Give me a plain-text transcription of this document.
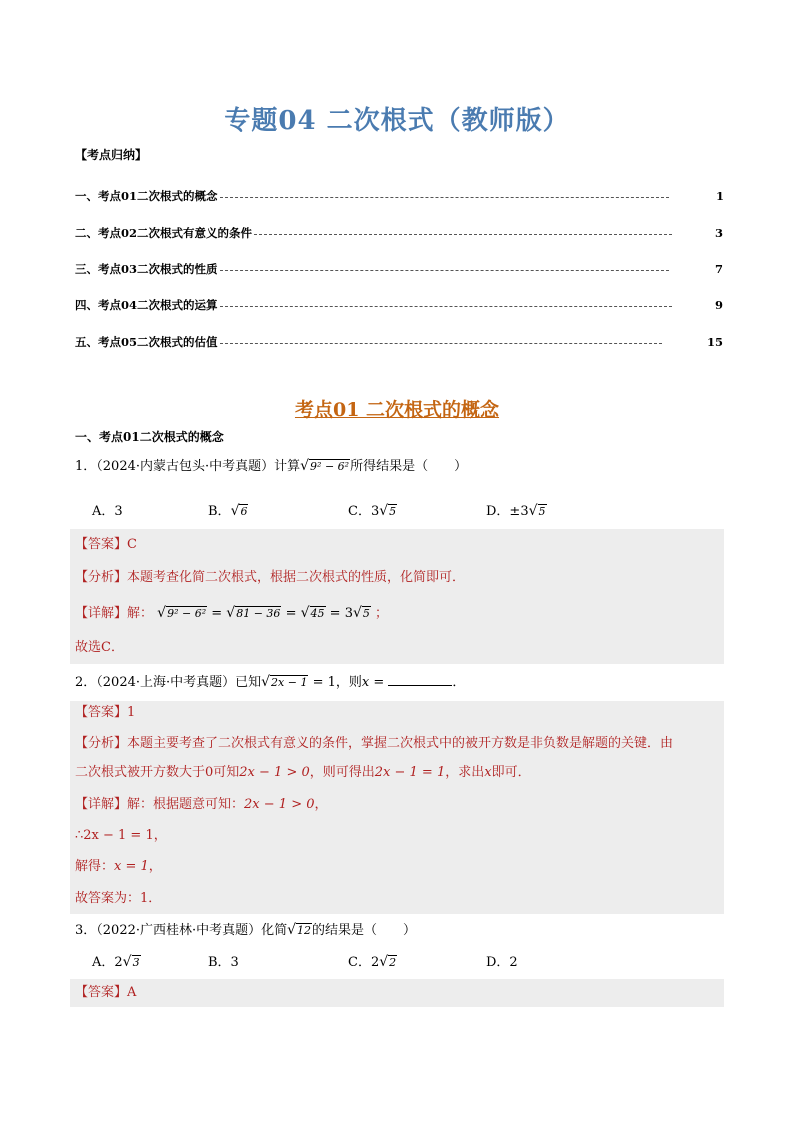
专题04 二次根式（教师版）
【考点归纳】
一、考点01二次根式的概念	1
二、考点02二次根式有意义的条件	3
三、考点03二次根式的性质	7
四、考点04二次根式的运算	9
五、考点05二次根式的估值	15
考点01 二次根式的概念
一、考点01二次根式的概念
1．（2024·内蒙古包头·中考真题）计算√9² − 6²所得结果是（　　）
A．3	B．√6	C．3√5	D．±3√5
【答案】C
【分析】本题考查化简二次根式，根据二次根式的性质，化简即可．
【详解】解： √9² − 6² = √81 − 36 = √45 = 3√5 ；
故选C．
2．（2024·上海·中考真题）已知√2x − 1 = 1，则x =	．
【答案】1
【分析】本题主要考查了二次根式有意义的条件，掌握二次根式中的被开方数是非负数是解题的关键．由
二次根式被开方数大于0可知2x − 1 > 0，则可得出2x − 1 = 1，求出x即可．
【详解】解：根据题意可知：2x − 1 > 0，
∴2x − 1 = 1，
解得：x = 1，
故答案为：1．
3．（2022·广西桂林·中考真题）化简√12的结果是（　　）
A．2√3	B．3	C．2√2	D．2
【答案】A
